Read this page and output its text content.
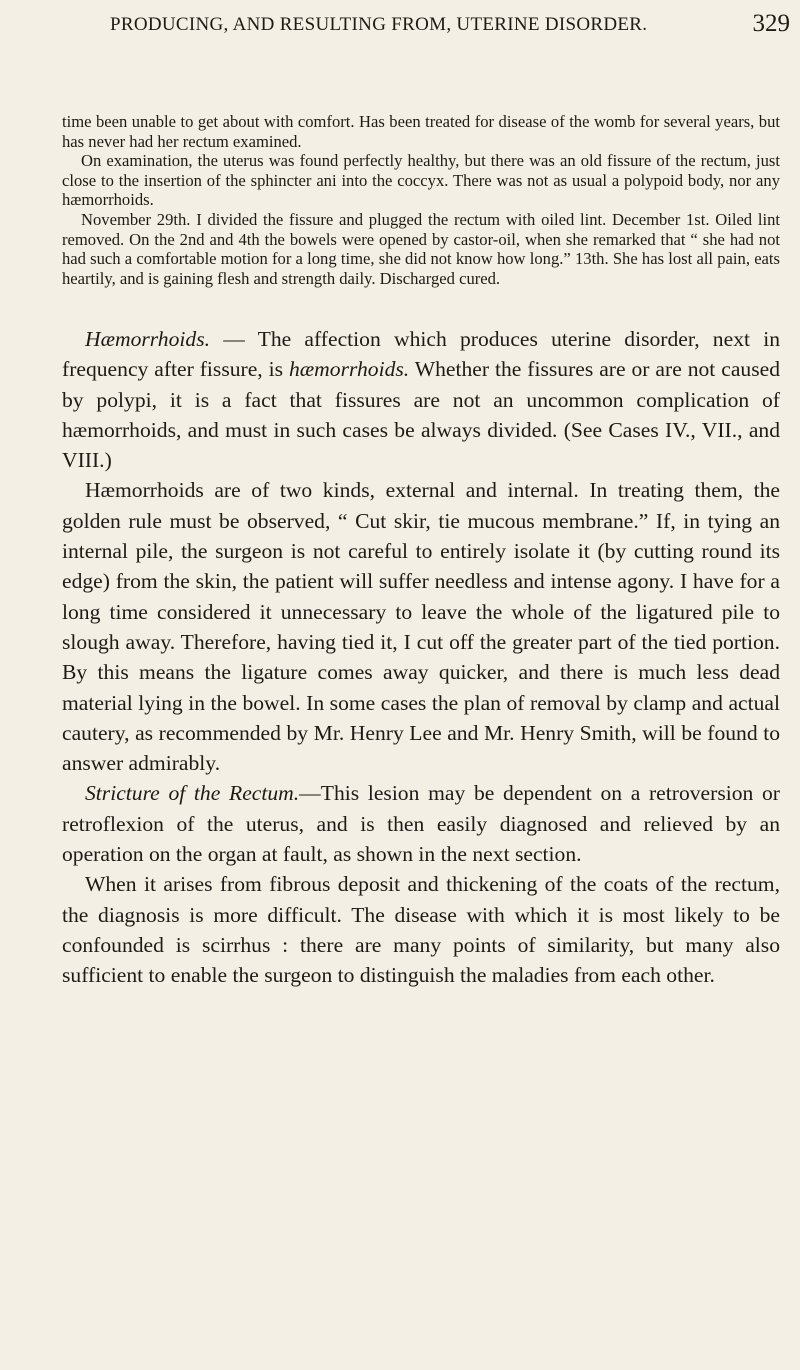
PRODUCING, AND RESULTING FROM, UTERINE DISORDER.	329

time been unable to get about with comfort. Has been treated for disease of the womb for several years, but has never had her rectum examined.

On examination, the uterus was found perfectly healthy, but there was an old fissure of the rectum, just close to the insertion of the sphincter ani into the coccyx. There was not as usual a polypoid body, nor any hæmorrhoids.

November 29th. I divided the fissure and plugged the rectum with oiled lint. December 1st. Oiled lint removed. On the 2nd and 4th the bowels were opened by castor-oil, when she remarked that “ she had not had such a comfortable motion for a long time, she did not know how long.” 13th. She has lost all pain, eats heartily, and is gaining flesh and strength daily. Discharged cured.

Hæmorrhoids. — The affection which produces uterine disorder, next in frequency after fissure, is hæmorrhoids. Whether the fissures are or are not caused by polypi, it is a fact that fissures are not an uncommon complication of hæmorrhoids, and must in such cases be always divided. (See Cases IV., VII., and VIII.)

Hæmorrhoids are of two kinds, external and internal. In treating them, the golden rule must be observed, “ Cut skir, tie mucous membrane.” If, in tying an internal pile, the surgeon is not careful to entirely isolate it (by cutting round its edge) from the skin, the patient will suffer needless and intense agony. I have for a long time considered it unnecessary to leave the whole of the ligatured pile to slough away. Therefore, having tied it, I cut off the greater part of the tied portion. By this means the ligature comes away quicker, and there is much less dead material lying in the bowel. In some cases the plan of removal by clamp and actual cautery, as recommended by Mr. Henry Lee and Mr. Henry Smith, will be found to answer admirably.

Stricture of the Rectum.—This lesion may be dependent on a retroversion or retroflexion of the uterus, and is then easily diagnosed and relieved by an operation on the organ at fault, as shown in the next section.

When it arises from fibrous deposit and thickening of the coats of the rectum, the diagnosis is more difficult. The disease with which it is most likely to be confounded is scirrhus : there are many points of similarity, but many also sufficient to enable the surgeon to distinguish the maladies from each other.
